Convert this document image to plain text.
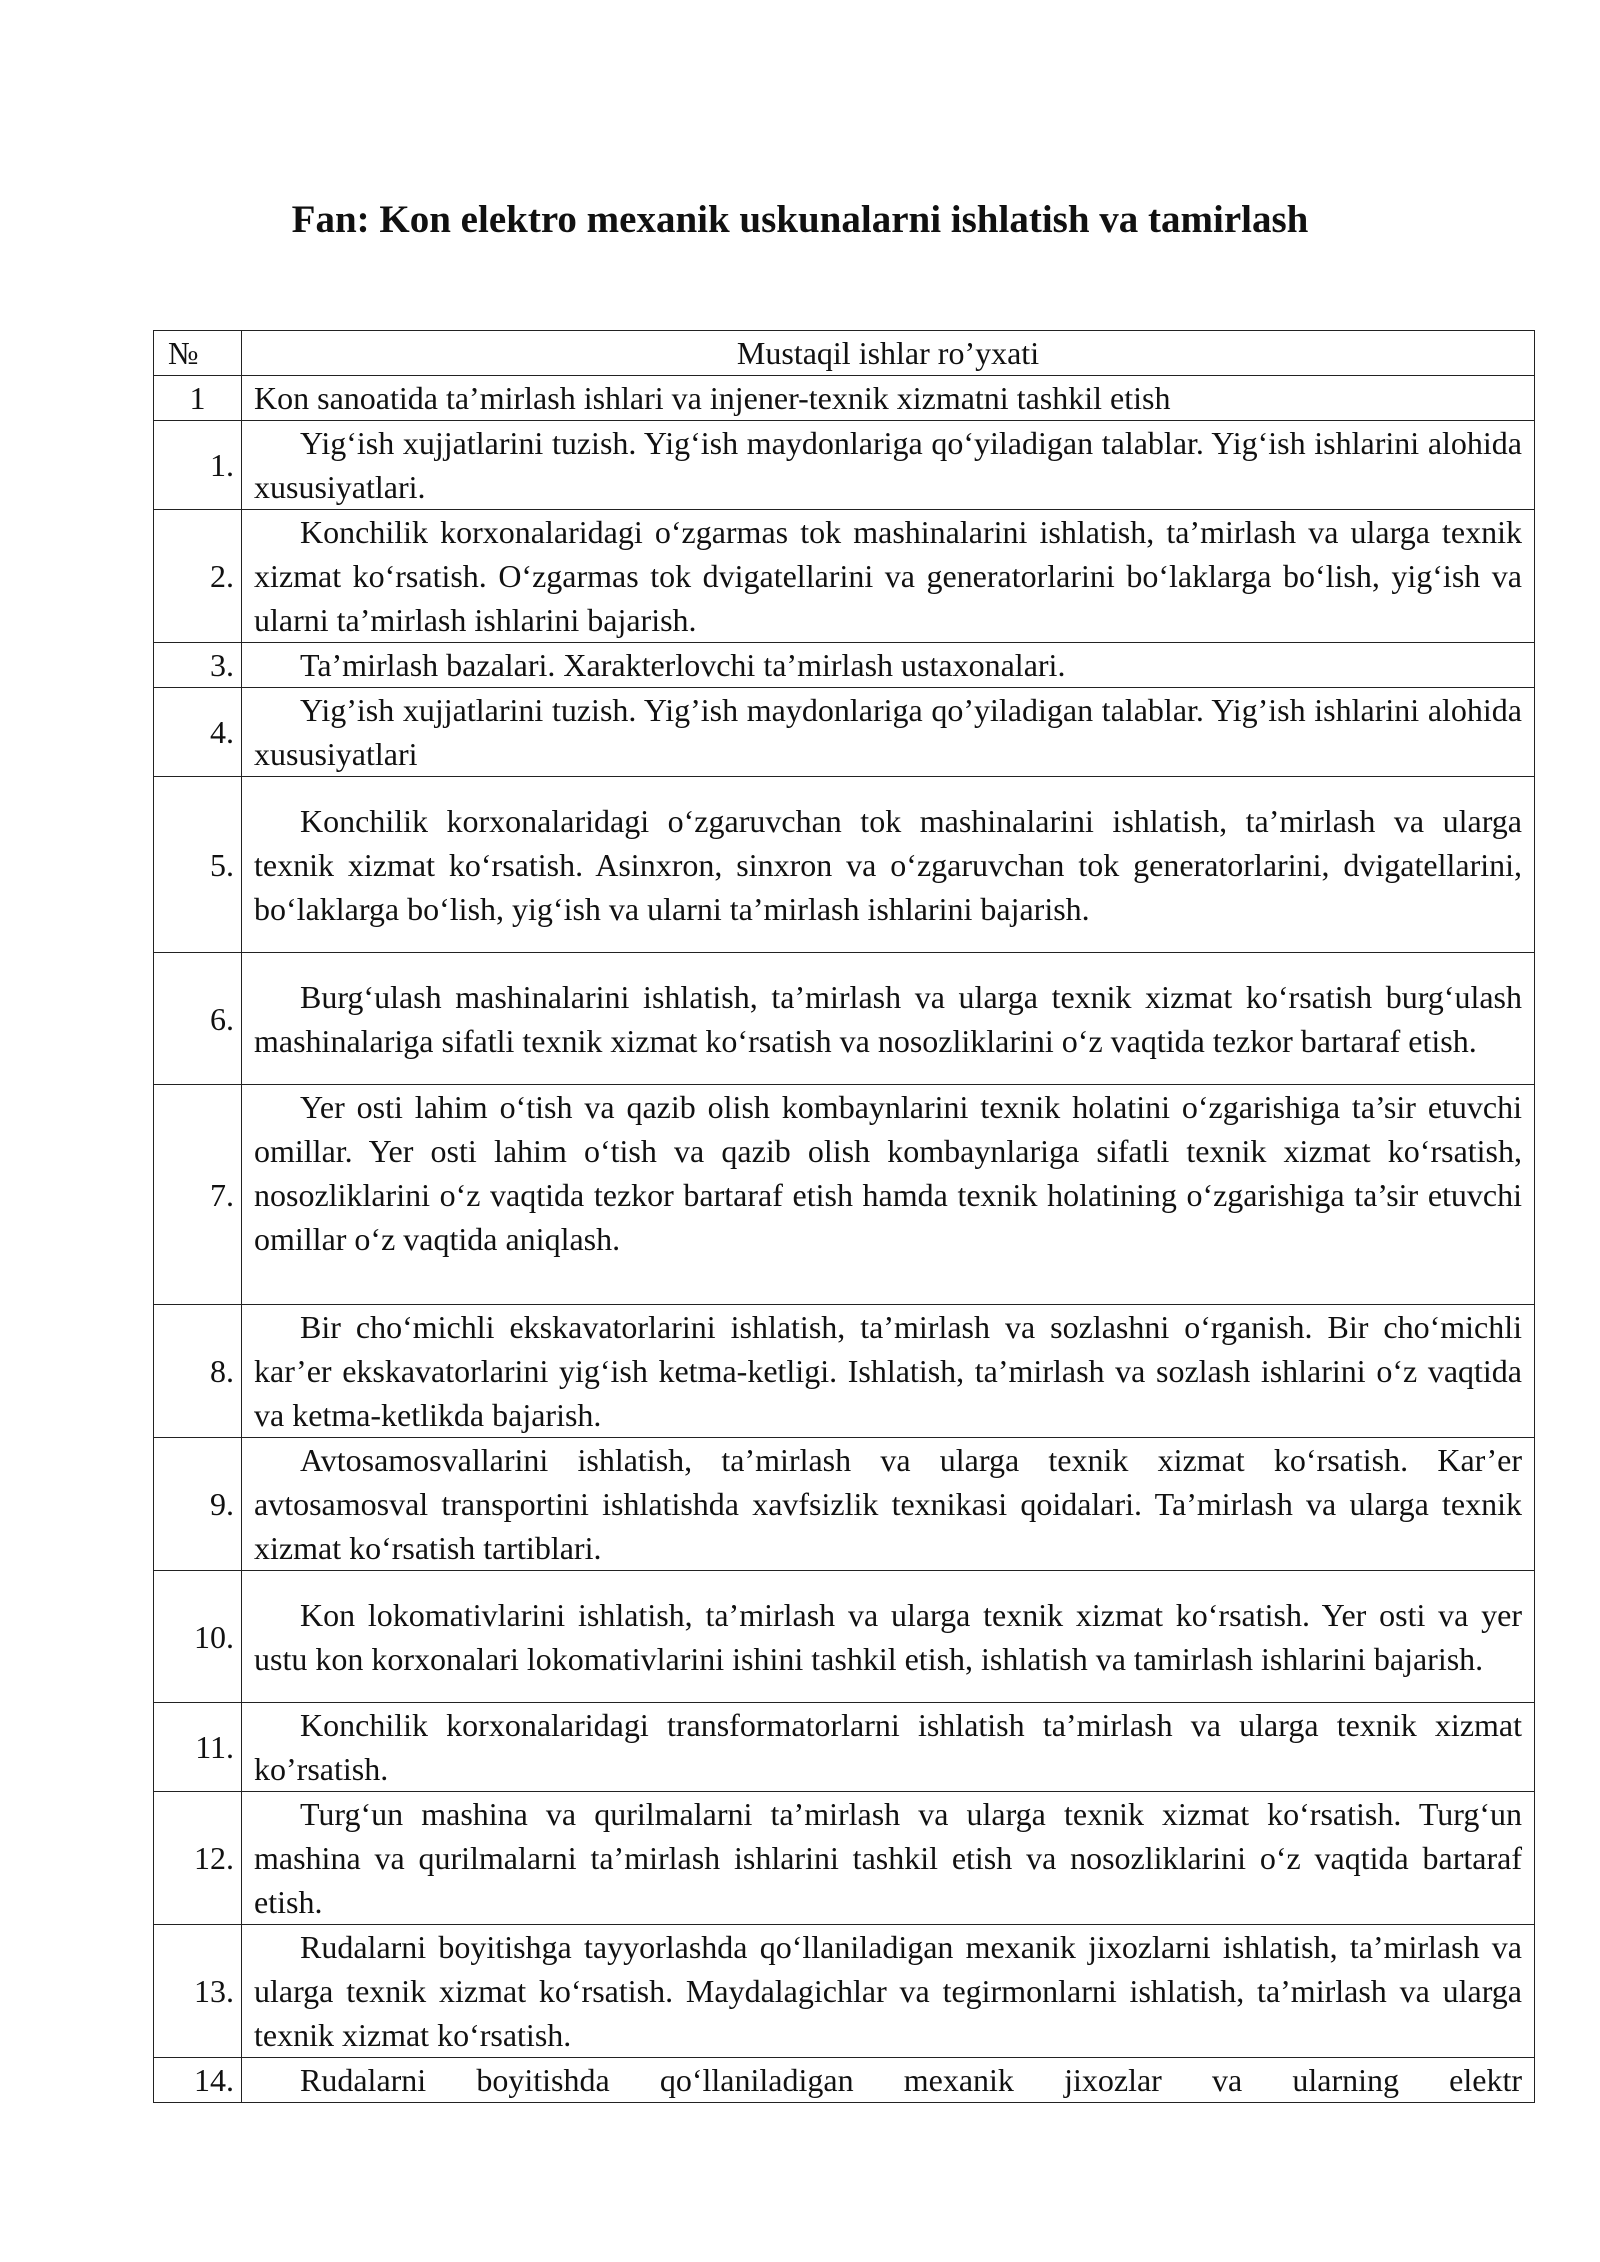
Fan: Kon elektro mexanik uskunalarni ishlatish va tamirlash
№	Mustaqil ishlar ro’yxati
1	Kon sanoatida ta’mirlash ishlari va injener-texnik xizmatni tashkil etish
1.	Yig‘ish xujjatlarini tuzish. Yig‘ish maydonlariga qo‘yiladigan talablar. Yig‘ish ishlarini alohida xususiyatlari.

2.	Konchilik korxonalaridagi o‘zgarmas tok mashinalarini ishlatish, ta’mirlash va ularga texnik xizmat ko‘rsatish. O‘zgarmas tok dvigatellarini va generatorlarini bo‘laklarga bo‘lish, yig‘ish va ularni ta’mirlash ishlarini bajarish.

3.	Ta’mirlash bazalari. Xarakterlovchi ta’mirlash ustaxonalari.

4.	Yig’ish xujjatlarini tuzish. Yig’ish maydonlariga qo’yiladigan talablar. Yig’ish ishlarini alohida xususiyatlari

5.	Konchilik korxonalaridagi o‘zgaruvchan tok mashinalarini ishlatish, ta’mirlash va ularga texnik xizmat ko‘rsatish. Asinxron, sinxron va o‘zgaruvchan tok generatorlarini, dvigatellarini, bo‘laklarga bo‘lish, yig‘ish va ularni ta’mirlash ishlarini bajarish.

6.	Burg‘ulash mashinalarini ishlatish, ta’mirlash va ularga texnik xizmat ko‘rsatish burg‘ulash mashinalariga sifatli texnik xizmat ko‘rsatish va nosozliklarini o‘z vaqtida tezkor bartaraf etish.

7.	Yer osti lahim o‘tish va qazib olish kombaynlarini texnik holatini o‘zgarishiga ta’sir etuvchi omillar. Yer osti lahim o‘tish va qazib olish kombaynlariga sifatli texnik xizmat ko‘rsatish, nosozliklarini o‘z vaqtida tezkor bartaraf etish hamda texnik holatining o‘zgarishiga ta’sir etuvchi omillar o‘z vaqtida aniqlash.

8.	Bir cho‘michli ekskavatorlarini ishlatish, ta’mirlash va sozlashni o‘rganish. Bir cho‘michli kar’er ekskavatorlarini yig‘ish ketma-ketligi. Ishlatish, ta’mirlash va sozlash ishlarini o‘z vaqtida va ketma-ketlikda bajarish.

9.	Avtosamosvallarini ishlatish, ta’mirlash va ularga texnik xizmat ko‘rsatish. Kar’er avtosamosval transportini ishlatishda xavfsizlik texnikasi qoidalari. Ta’mirlash va ularga texnik xizmat ko‘rsatish tartiblari.

10.	Kon lokomativlarini ishlatish, ta’mirlash va ularga texnik xizmat ko‘rsatish. Yer osti va yer ustu kon korxonalari lokomativlarini ishini tashkil etish, ishlatish va tamirlash ishlarini bajarish.

11.	Konchilik korxonalaridagi transformatorlarni ishlatish ta’mirlash va ularga texnik xizmat ko’rsatish.

12.	Turg‘un mashina va qurilmalarni ta’mirlash va ularga texnik xizmat ko‘rsatish. Turg‘un mashina va qurilmalarni ta’mirlash ishlarini tashkil etish va nosozliklarini o‘z vaqtida bartaraf etish.

13.	Rudalarni boyitishga tayyorlashda qo‘llaniladigan mexanik jixozlarni ishlatish, ta’mirlash va ularga texnik xizmat ko‘rsatish. Maydalagichlar va tegirmonlarni ishlatish, ta’mirlash va ularga texnik xizmat ko‘rsatish.

14.	Rudalarni boyitishda qo‘llaniladigan mexanik jixozlar va ularning elektr
